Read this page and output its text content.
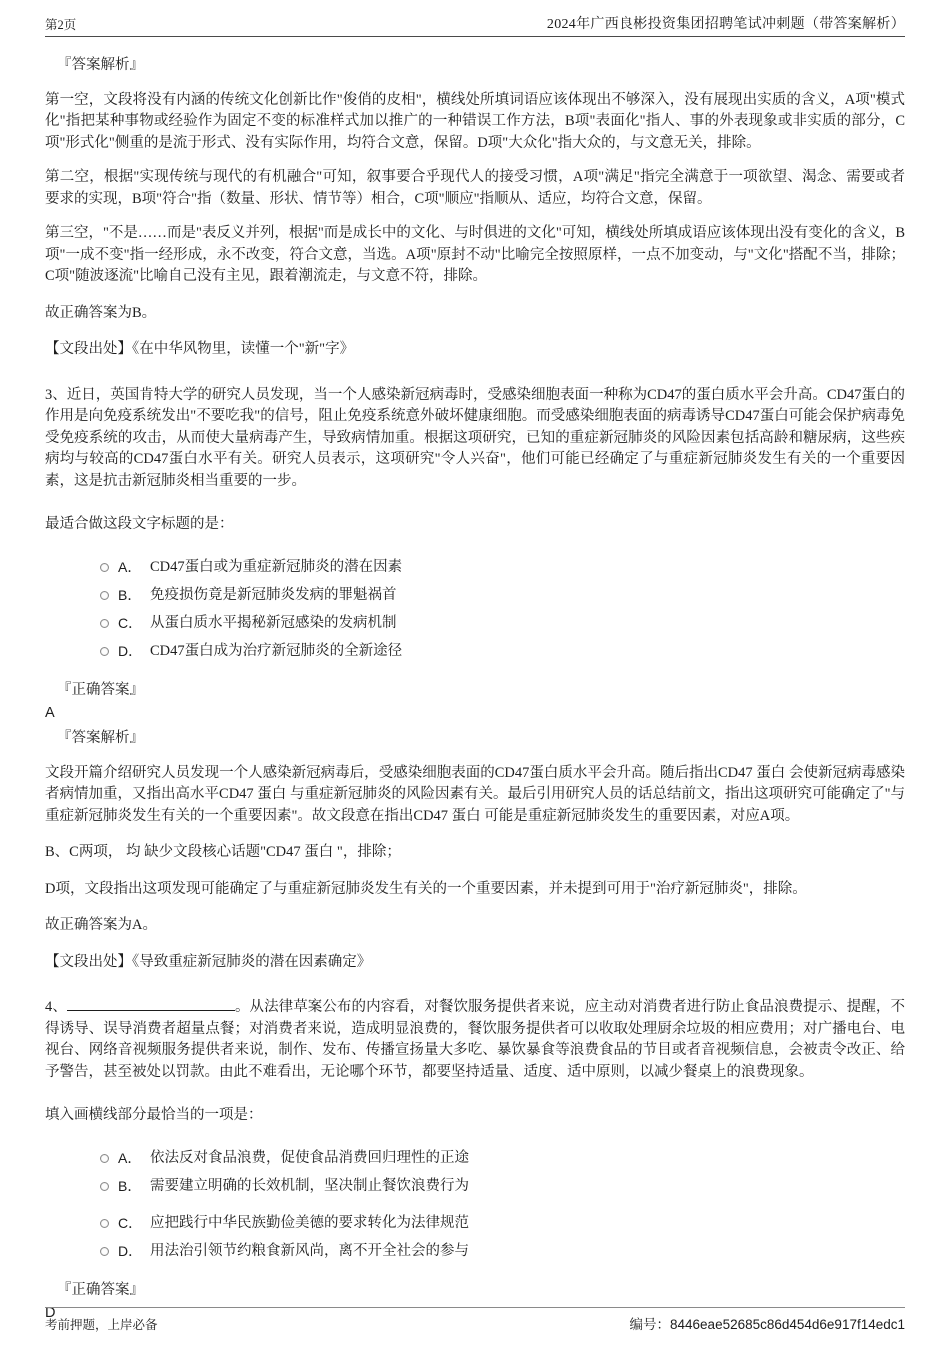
第2页	2024年广西良彬投资集团招聘笔试冲刺题（带答案解析）
『答案解析』

第一空，文段将没有内涵的传统文化创新比作"俊俏的皮相"，横线处所填词语应该体现出不够深入，没有展现出实质的含义，A项"模式化"指把某种事物或经验作为固定不变的标准样式加以推广的一种错误工作方法，B项"表面化"指人、事的外表现象或非实质的部分，C项"形式化"侧重的是流于形式、没有实际作用，均符合文意，保留。D项"大众化"指大众的，与文意无关，排除。

第二空，根据"实现传统与现代的有机融合"可知，叙事要合乎现代人的接受习惯，A项"满足"指完全满意于一项欲望、渴念、需要或者要求的实现，B项"符合"指（数量、形状、情节等）相合，C项"顺应"指顺从、适应，均符合文意，保留。

第三空，"不是……而是"表反义并列，根据"而是成长中的文化、与时俱进的文化"可知，横线处所填成语应该体现出没有变化的含义，B项"一成不变"指一经形成，永不改变，符合文意，当选。A项"原封不动"比喻完全按照原样，一点不加变动，与"文化"搭配不当，排除；C项"随波逐流"比喻自己没有主见，跟着潮流走，与文意不符，排除。

故正确答案为B。

【文段出处】《在中华风物里，读懂一个"新"字》

3、近日，英国肯特大学的研究人员发现，当一个人感染新冠病毒时，受感染细胞表面一种称为CD47的蛋白质水平会升高。CD47蛋白的作用是向免疫系统发出"不要吃我"的信号，阻止免疫系统意外破坏健康细胞。而受感染细胞表面的病毒诱导CD47蛋白可能会保护病毒免受免疫系统的攻击，从而使大量病毒产生，导致病情加重。根据这项研究，已知的重症新冠肺炎的风险因素包括高龄和糖尿病，这些疾病均与较高的CD47蛋白水平有关。研究人员表示，这项研究"令人兴奋"，他们可能已经确定了与重症新冠肺炎发生有关的一个重要因素，这是抗击新冠肺炎相当重要的一步。

最适合做这段文字标题的是：

A． CD47蛋白或为重症新冠肺炎的潜在因素
B． 免疫损伤竟是新冠肺炎发病的罪魁祸首
C． 从蛋白质水平揭秘新冠感染的发病机制
D． CD47蛋白成为治疗新冠肺炎的全新途径
『正确答案』
A
『答案解析』

文段开篇介绍研究人员发现一个人感染新冠病毒后，受感染细胞表面的CD47蛋白质水平会升高。随后指出CD47 蛋白 会使新冠病毒感染者病情加重，又指出高水平CD47 蛋白 与重症新冠肺炎的风险因素有关。最后引用研究人员的话总结前文，指出这项研究可能确定了"与重症新冠肺炎发生有关的一个重要因素"。故文段意在指出CD47 蛋白 可能是重症新冠肺炎发生的重要因素，对应A项。

B、C两项， 均 缺少文段核心话题"CD47 蛋白 "，排除；

D项，文段指出这项发现可能确定了与重症新冠肺炎发生有关的一个重要因素，并未提到可用于"治疗新冠肺炎"，排除。

故正确答案为A。

【文段出处】《导致重症新冠肺炎的潜在因素确定》

4、	。从法律草案公布的内容看，对餐饮服务提供者来说，应主动对消费者进行防止食品浪费提示、提醒，不得诱导、误导消费者超量点餐；对消费者来说，造成明显浪费的，餐饮服务提供者可以收取处理厨余垃圾的相应费用；对广播电台、电视台、网络音视频服务提供者来说，制作、发布、传播宣扬量大多吃、暴饮暴食等浪费食品的节目或者音视频信息，会被责令改正、给予警告，甚至被处以罚款。由此不难看出，无论哪个环节，都要坚持适量、适度、适中原则，以减少餐桌上的浪费现象。

填入画横线部分最恰当的一项是：

A． 依法反对食品浪费，促使食品消费回归理性的正途
B． 需要建立明确的长效机制，坚决制止餐饮浪费行为
C． 应把践行中华民族勤俭美德的要求转化为法律规范
D． 用法治引领节约粮食新风尚，离不开全社会的参与
『正确答案』
D
考前押题，上岸必备	编号：8446eae52685c86d454d6e917f14edc1
